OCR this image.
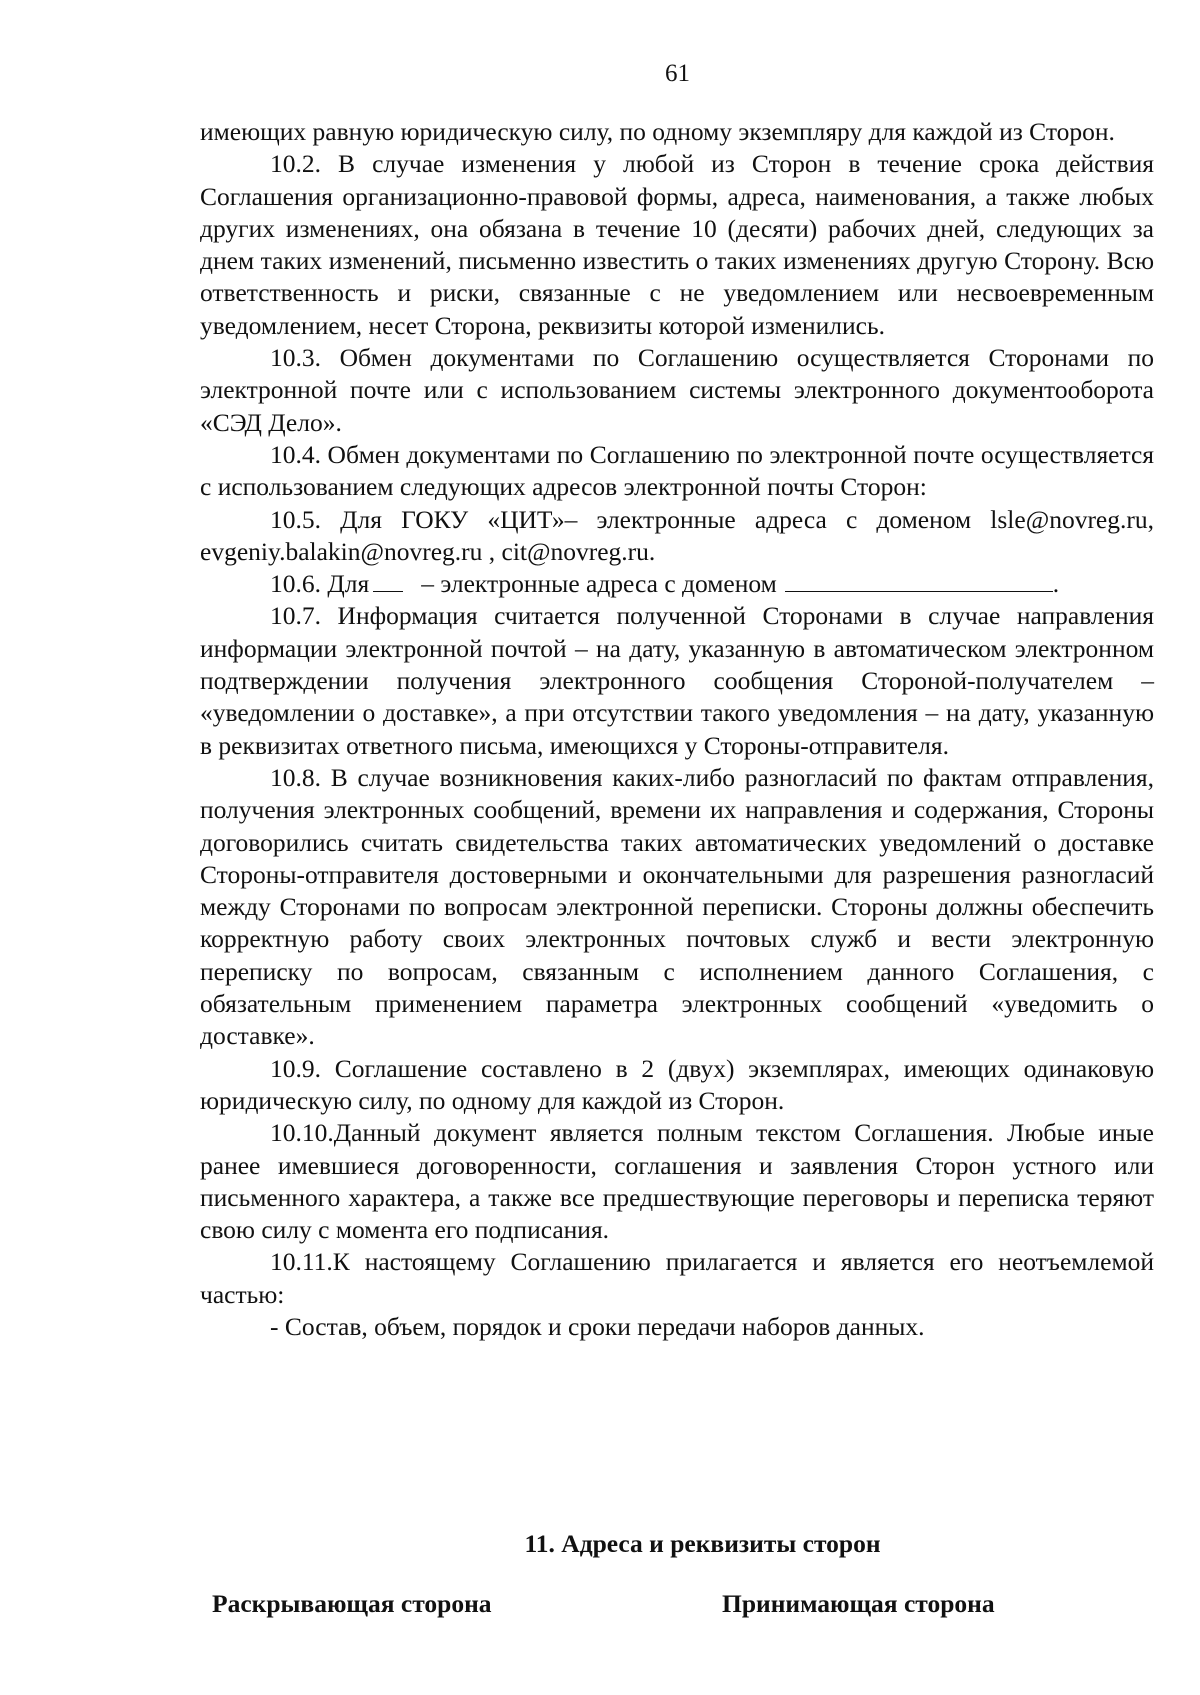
61

имеющих равную юридическую силу, по одному экземпляру для каждой из Сторон.

10.2. В случае изменения у любой из Сторон в течение срока действия Соглашения организационно-правовой формы, адреса, наименования, а также любых других изменениях, она обязана в течение 10 (десяти) рабочих дней, следующих за днем таких изменений, письменно известить о таких изменениях другую Сторону. Всю ответственность и риски, связанные с не уведомлением или несвоевременным уведомлением, несет Сторона, реквизиты которой изменились.

10.3. Обмен документами по Соглашению осуществляется Сторонами по электронной почте или с использованием системы электронного документооборота «СЭД Дело».

10.4. Обмен документами по Соглашению по электронной почте осуществляется с использованием следующих адресов электронной почты Сторон:

10.5. Для ГОКУ «ЦИТ»– электронные адреса с доменом lsle@novreg.ru, evgeniy.balakin@novreg.ru , cit@novreg.ru.

10.6. Для – электронные адреса с доменом	.

10.7. Информация считается полученной Сторонами в случае направления информации электронной почтой – на дату, указанную в автоматическом электронном подтверждении получения электронного сообщения Стороной-получателем – «уведомлении о доставке», а при отсутствии такого уведомления – на дату, указанную в реквизитах ответного письма, имеющихся у Стороны-отправителя.

10.8. В случае возникновения каких-либо разногласий по фактам отправления, получения электронных сообщений, времени их направления и содержания, Стороны договорились считать свидетельства таких автоматических уведомлений о доставке Стороны-отправителя достоверными и окончательными для разрешения разногласий между Сторонами по вопросам электронной переписки. Стороны должны обеспечить корректную работу своих электронных почтовых служб и вести электронную переписку по вопросам, связанным с исполнением данного Соглашения, с обязательным применением параметра электронных сообщений «уведомить о доставке».

10.9. Соглашение составлено в 2 (двух) экземплярах, имеющих одинаковую юридическую силу, по одному для каждой из Сторон.

10.10.Данный документ является полным текстом Соглашения. Любые иные ранее имевшиеся договоренности, соглашения и заявления Сторон устного или письменного характера, а также все предшествующие переговоры и переписка теряют свою силу с момента его подписания.

10.11.К настоящему Соглашению прилагается и является его неотъемлемой частью:

- Состав, объем, порядок и сроки передачи наборов данных.

11. Адреса и реквизиты сторон
Раскрывающая сторона	Принимающая сторона
